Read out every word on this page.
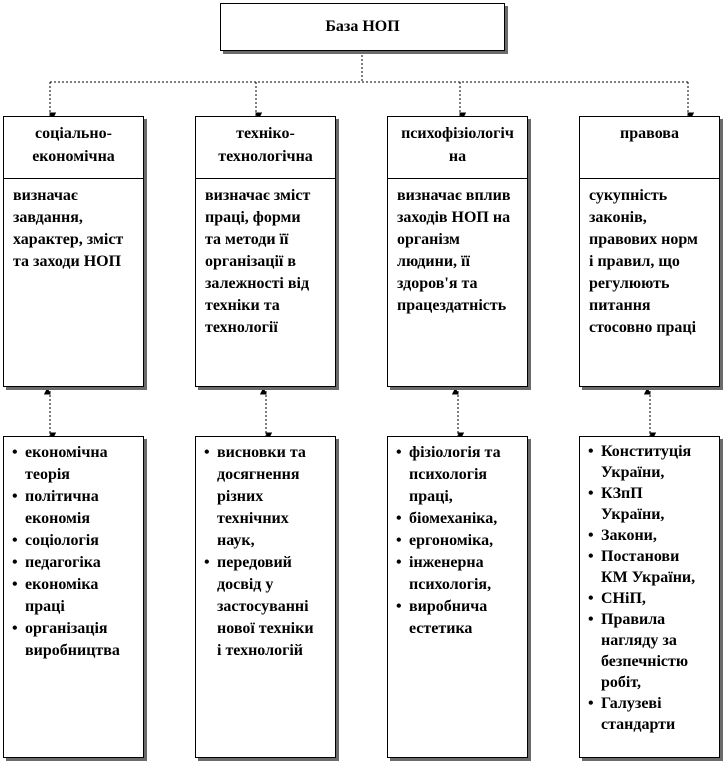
База НОП
соціально-
економічна
визначає
завдання,
характер, зміст
та заходи НОП
• економічна
теорія
• політична
економія
• соціологія
• педагогіка
• економіка
праці
• організація
виробництва
техніко-
технологічна
визначає зміст
праці, форми
та методи її
організації в
залежності від
техніки та
технології
• висновки та
досягнення
різних
технічних
наук,
• передовий
досвід у
застосуванні
нової техніки
і технологій
психофізіологіч
на
визначає вплив
заходів НОП на
організм
людини, її
здоров'я та
працездатність
• фізіологія та
психологія
праці,
• біомеханіка,
• ергономіка,
• інженерна
психологія,
• виробнича
естетика
правова
сукупність
законів,
правових норм
і правил, що
регулюють
питання
стосовно праці
• Конституція
України,
• КЗпП
України,
• Закони,
• Постанови
КМ України,
• СНіП,
• Правила
нагляду за
безпечністю
робіт,
• Галузеві
стандарти
